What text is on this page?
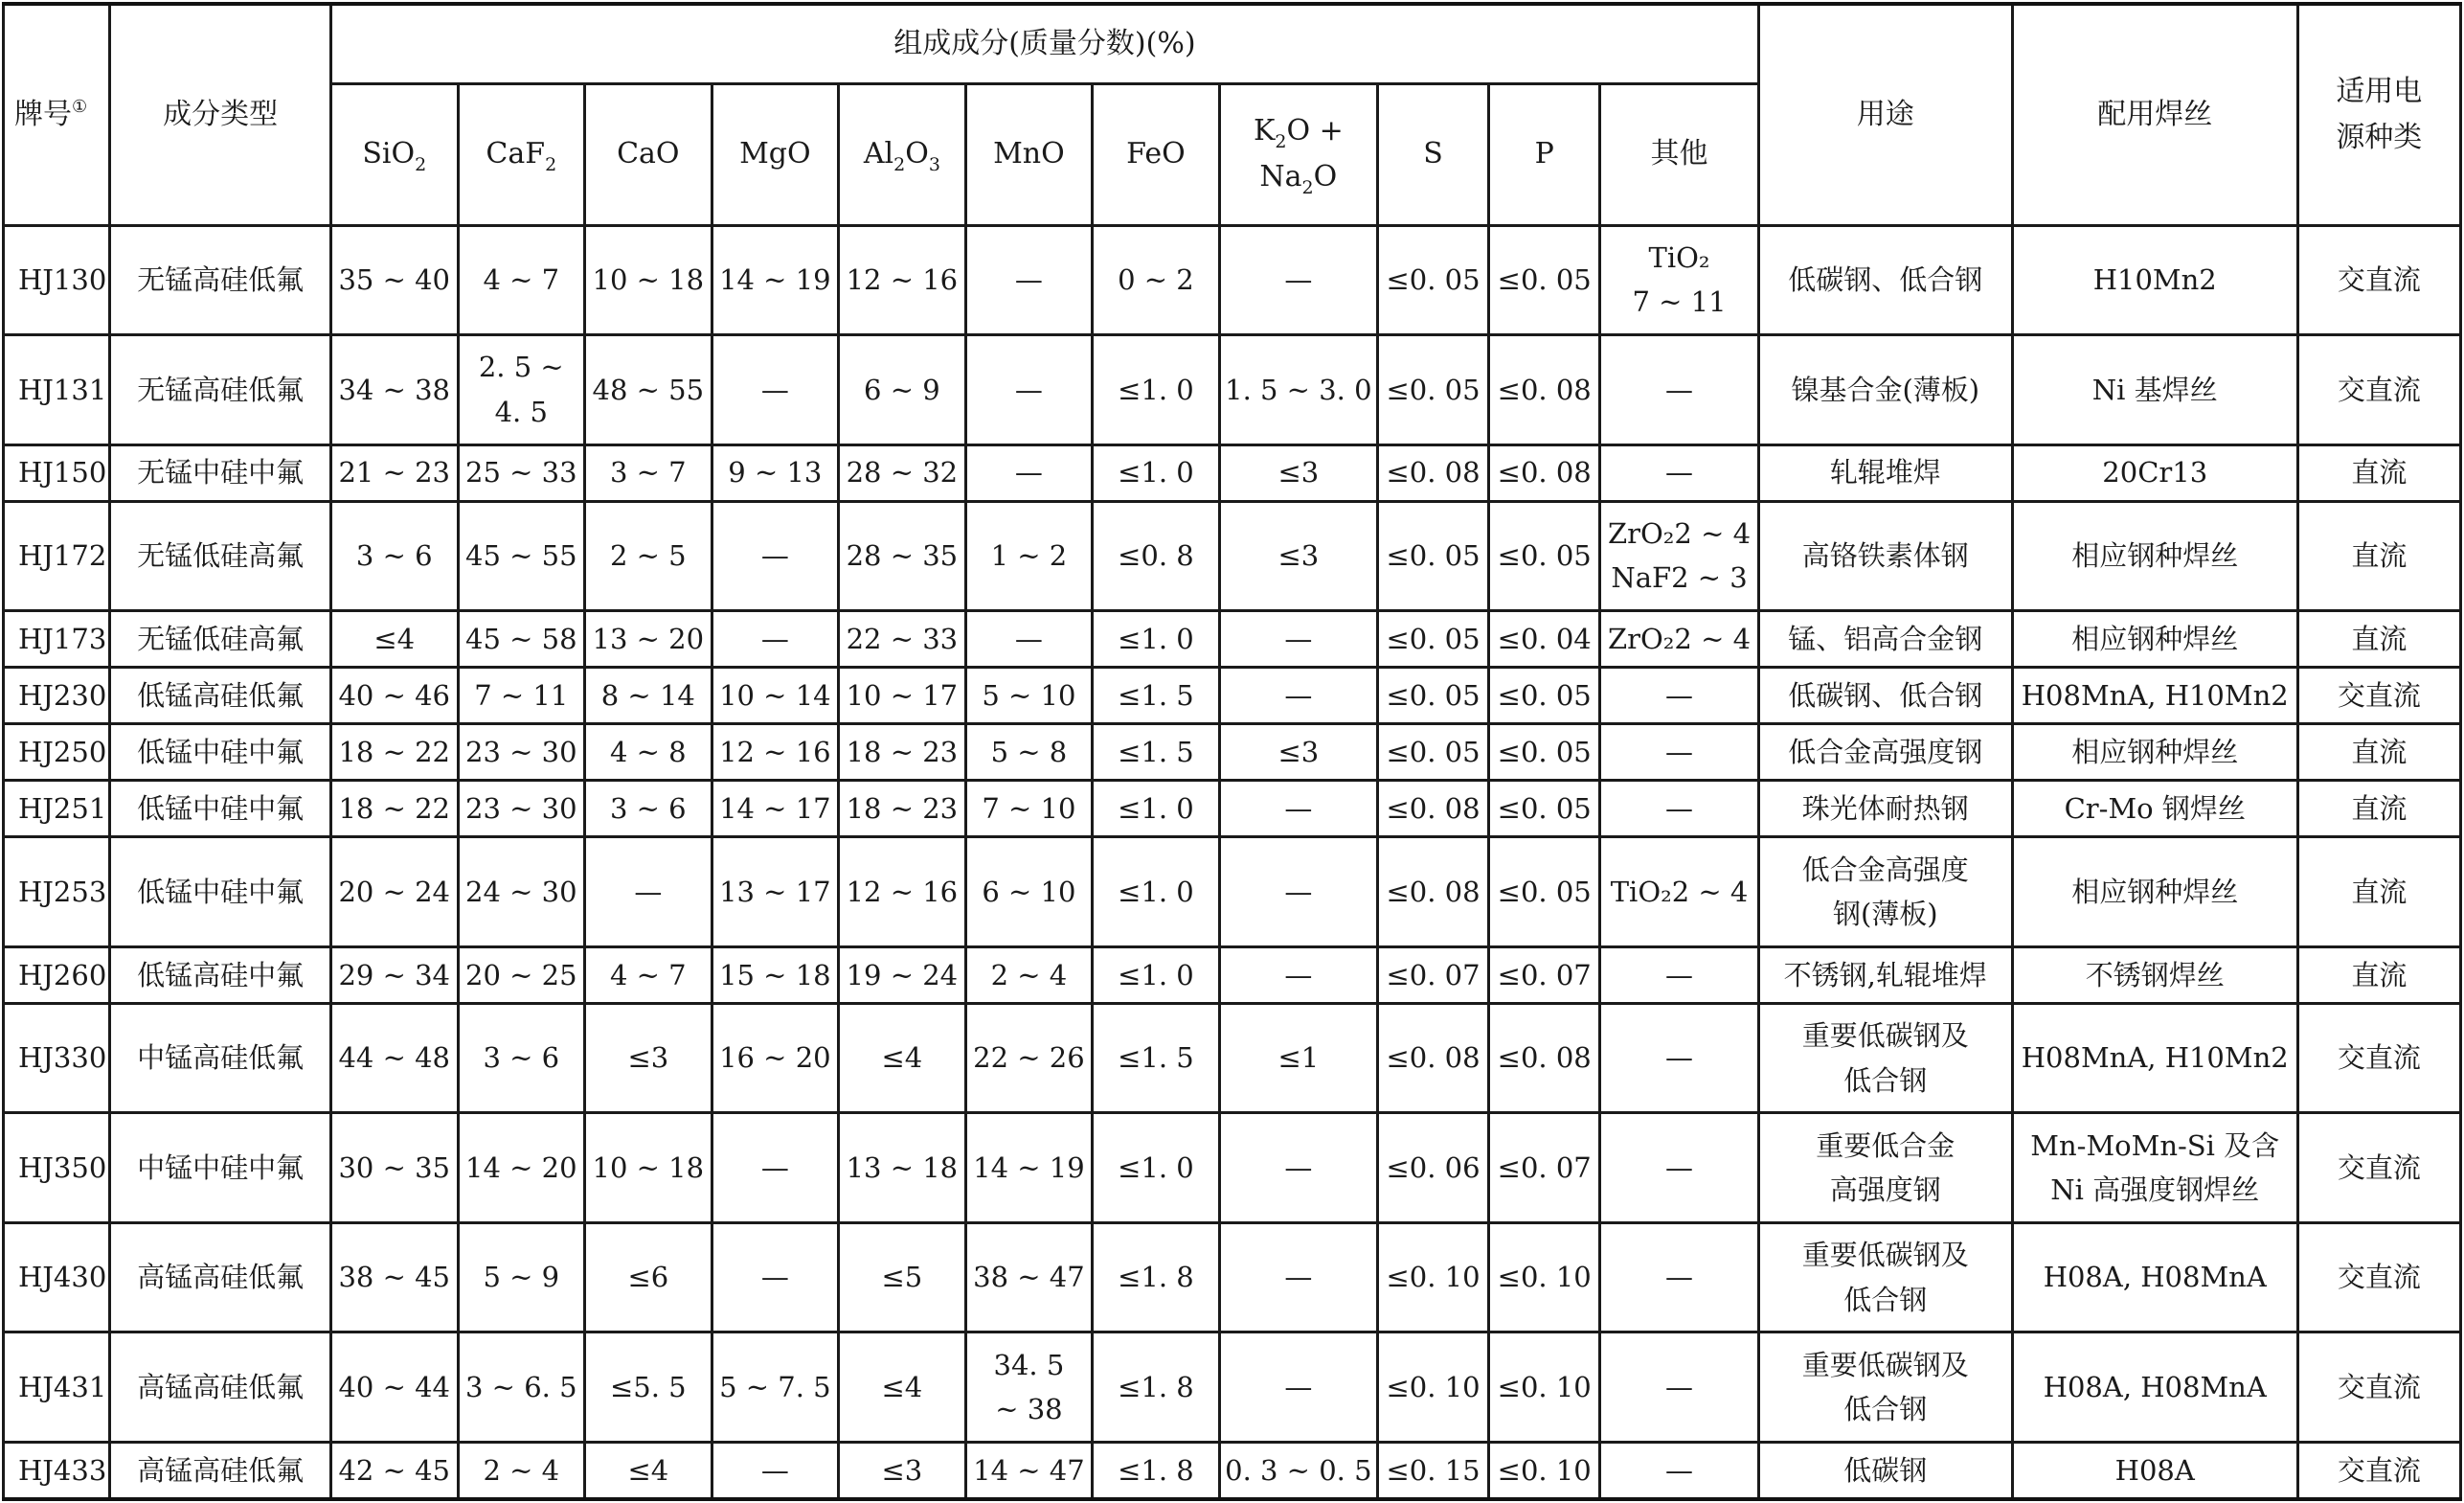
牌号①	成分类型	组成成分(质量分数)(%)											用途	配用焊丝	适用电
源种类
		SiO$_2$	CaF$_2$	CaO	MgO	$Al_2O_3$	MnO	FeO	$K_2O$ +
$Na_2O$	S	P	其他			
HJ130	无锰高硅低氟	35 ~ 40	4 ~ 7	10 ~ 18	14 ~ 19	12 ~ 16	—	0 ~ 2	—	≤0. 05	≤0. 05	TiO₂
7 ~ 11	低碳钢、低合钢	H10Mn2	交直流
HJ131	无锰高硅低氟	34 ~ 38	2. 5 ~
4. 5	48 ~ 55	—	6 ~ 9	—	≤1. 0	1. 5 ~ 3. 0	≤0. 05	≤0. 08	—	镍基合金(薄板)	Ni 基焊丝	交直流
HJ150	无锰中硅中氟	21 ~ 23	25 ~ 33	3 ~ 7	9 ~ 13	28 ~ 32	—	≤1. 0	≤3	≤0. 08	≤0. 08	—	轧辊堆焊	20Cr13	直流
HJ172	无锰低硅高氟	3 ~ 6	45 ~ 55	2 ~ 5	—	28 ~ 35	1 ~ 2	≤0. 8	≤3	≤0. 05	≤0. 05	ZrO₂2 ~ 4
NaF2 ~ 3	高铬铁素体钢	相应钢种焊丝	直流
HJ173	无锰低硅高氟	≤4	45 ~ 58	13 ~ 20	—	22 ~ 33	—	≤1. 0	—	≤0. 05	≤0. 04	ZrO₂2 ~ 4	锰、铝高合金钢	相应钢种焊丝	直流
HJ230	低锰高硅低氟	40 ~ 46	7 ~ 11	8 ~ 14	10 ~ 14	10 ~ 17	5 ~ 10	≤1. 5	—	≤0. 05	≤0. 05	—	低碳钢、低合钢	H08MnA, H10Mn2	交直流
HJ250	低锰中硅中氟	18 ~ 22	23 ~ 30	4 ~ 8	12 ~ 16	18 ~ 23	5 ~ 8	≤1. 5	≤3	≤0. 05	≤0. 05	—	低合金高强度钢	相应钢种焊丝	直流
HJ251	低锰中硅中氟	18 ~ 22	23 ~ 30	3 ~ 6	14 ~ 17	18 ~ 23	7 ~ 10	≤1. 0	—	≤0. 08	≤0. 05	—	珠光体耐热钢	Cr-Mo 钢焊丝	直流
HJ253	低锰中硅中氟	20 ~ 24	24 ~ 30	—	13 ~ 17	12 ~ 16	6 ~ 10	≤1. 0	—	≤0. 08	≤0. 05	TiO₂2 ~ 4	低合金高强度
钢(薄板)	相应钢种焊丝	直流
HJ260	低锰高硅中氟	29 ~ 34	20 ~ 25	4 ~ 7	15 ~ 18	19 ~ 24	2 ~ 4	≤1. 0	—	≤0. 07	≤0. 07	—	不锈钢,轧辊堆焊	不锈钢焊丝	直流
HJ330	中锰高硅低氟	44 ~ 48	3 ~ 6	≤3	16 ~ 20	≤4	22 ~ 26	≤1. 5	≤1	≤0. 08	≤0. 08	—	重要低碳钢及
低合钢	H08MnA, H10Mn2	交直流
HJ350	中锰中硅中氟	30 ~ 35	14 ~ 20	10 ~ 18	—	13 ~ 18	14 ~ 19	≤1. 0	—	≤0. 06	≤0. 07	—	重要低合金
高强度钢	Mn-MoMn-Si 及含
Ni 高强度钢焊丝	交直流
HJ430	高锰高硅低氟	38 ~ 45	5 ~ 9	≤6	—	≤5	38 ~ 47	≤1. 8	—	≤0. 10	≤0. 10	—	重要低碳钢及
低合钢	H08A, H08MnA	交直流
HJ431	高锰高硅低氟	40 ~ 44	3 ~ 6. 5	≤5. 5	5 ~ 7. 5	≤4	34. 5
~ 38	≤1. 8	—	≤0. 10	≤0. 10	—	重要低碳钢及
低合钢	H08A, H08MnA	交直流
HJ433	高锰高硅低氟	42 ~ 45	2 ~ 4	≤4	—	≤3	14 ~ 47	≤1. 8	0. 3 ~ 0. 5	≤0. 15	≤0. 10	—	低碳钢	H08A	交直流
